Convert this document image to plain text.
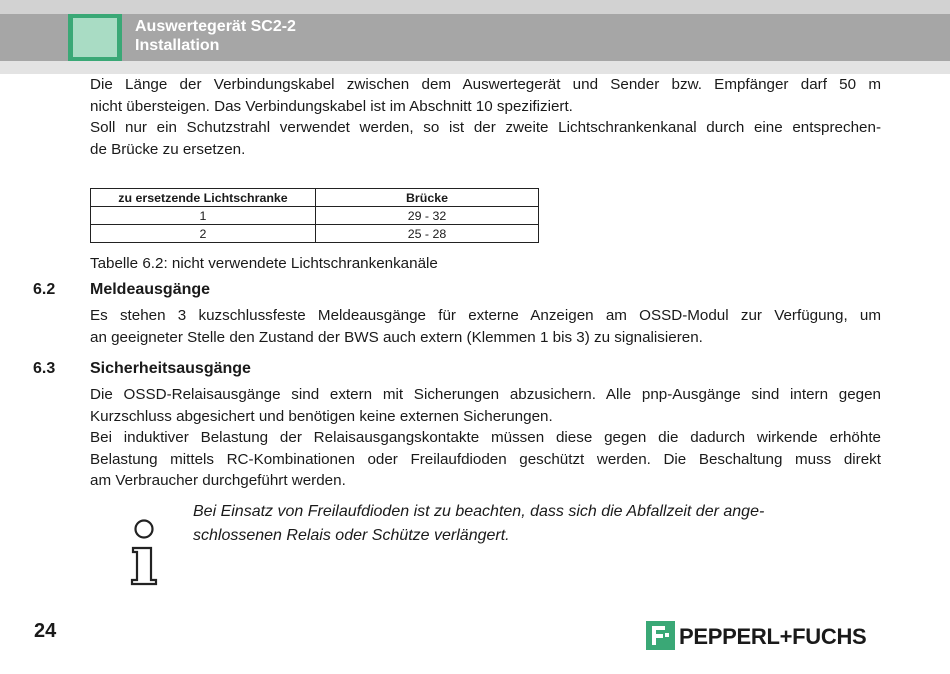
Auswertegerät SC2-2
Installation
Die Länge der Verbindungskabel zwischen dem Auswertegerät und Sender bzw. Empfänger darf 50 m
nicht übersteigen. Das Verbindungskabel ist im Abschnitt 10 spezifiziert.
Soll nur ein Schutzstrahl verwendet werden, so ist der zweite Lichtschrankenkanal durch eine entsprechen-
de Brücke zu ersetzen.
zu ersetzende Lichtschranke	Brücke
1	29 - 32
2	25 - 28
Tabelle 6.2: nicht verwendete Lichtschrankenkanäle
6.2 Meldeausgänge
Es stehen 3 kuzschlussfeste Meldeausgänge für externe Anzeigen am OSSD-Modul zur Verfügung, um
an geeigneter Stelle den Zustand der BWS auch extern (Klemmen 1 bis 3) zu signalisieren.
6.3 Sicherheitsausgänge
Die OSSD-Relaisausgänge sind extern mit Sicherungen abzusichern. Alle pnp-Ausgänge sind intern gegen
Kurzschluss abgesichert und benötigen keine externen Sicherungen.
Bei induktiver Belastung der Relaisausgangskontakte müssen diese gegen die dadurch wirkende erhöhte
Belastung mittels RC-Kombinationen oder Freilaufdioden geschützt werden. Die Beschaltung muss direkt
am Verbraucher durchgeführt werden.
Bei Einsatz von Freilaufdioden ist zu beachten, dass sich die Abfallzeit der ange-
schlossenen Relais oder Schütze verlängert.
24	PEPPERL+FUCHS
